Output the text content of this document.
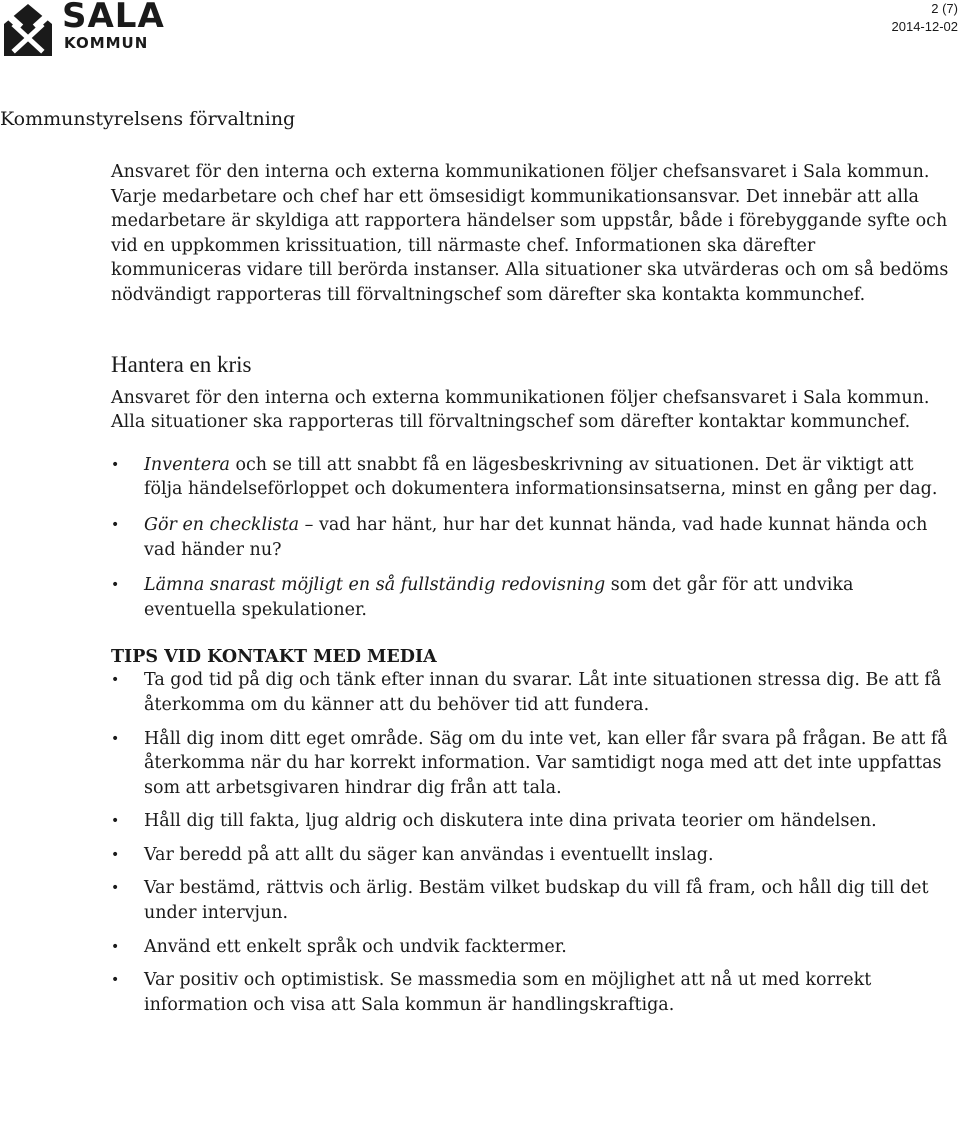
SALA
KOMMUN
2 (7)
2014-12-02
Kommunstyrelsens förvaltning

Ansvaret för den interna och externa kommunikationen följer chefsansvaret i Sala kommun. Varje medarbetare och chef har ett ömsesidigt kommunikationsansvar. Det innebär att alla medarbetare är skyldiga att rapportera händelser som uppstår, både i förebyggande syfte och vid en uppkommen krissituation, till närmaste chef. Informationen ska därefter kommuniceras vidare till berörda instanser. Alla situationer ska utvärderas och om så bedöms nödvändigt rapporteras till förvaltningschef som därefter ska kontakta kommunchef.

Hantera en kris

Ansvaret för den interna och externa kommunikationen följer chefsansvaret i Sala kommun. Alla situationer ska rapporteras till förvaltningschef som därefter kontaktar kommunchef.

• Inventera och se till att snabbt få en lägesbeskrivning av situationen. Det är viktigt att följa händelseförloppet och dokumentera informationsinsatserna, minst en gång per dag.
• Gör en checklista – vad har hänt, hur har det kunnat hända, vad hade kunnat hända och vad händer nu?
• Lämna snarast möjligt en så fullständig redovisning som det går för att undvika eventuella spekulationer.
TIPS VID KONTAKT MED MEDIA
• Ta god tid på dig och tänk efter innan du svarar. Låt inte situationen stressa dig. Be att få återkomma om du känner att du behöver tid att fundera.
• Håll dig inom ditt eget område. Säg om du inte vet, kan eller får svara på frågan. Be att få återkomma när du har korrekt information. Var samtidigt noga med att det inte uppfattas som att arbetsgivaren hindrar dig från att tala.
• Håll dig till fakta, ljug aldrig och diskutera inte dina privata teorier om händelsen.
• Var beredd på att allt du säger kan användas i eventuellt inslag.
• Var bestämd, rättvis och ärlig. Bestäm vilket budskap du vill få fram, och håll dig till det under intervjun.
• Använd ett enkelt språk och undvik facktermer.
• Var positiv och optimistisk. Se massmedia som en möjlighet att nå ut med korrekt information och visa att Sala kommun är handlingskraftiga.
